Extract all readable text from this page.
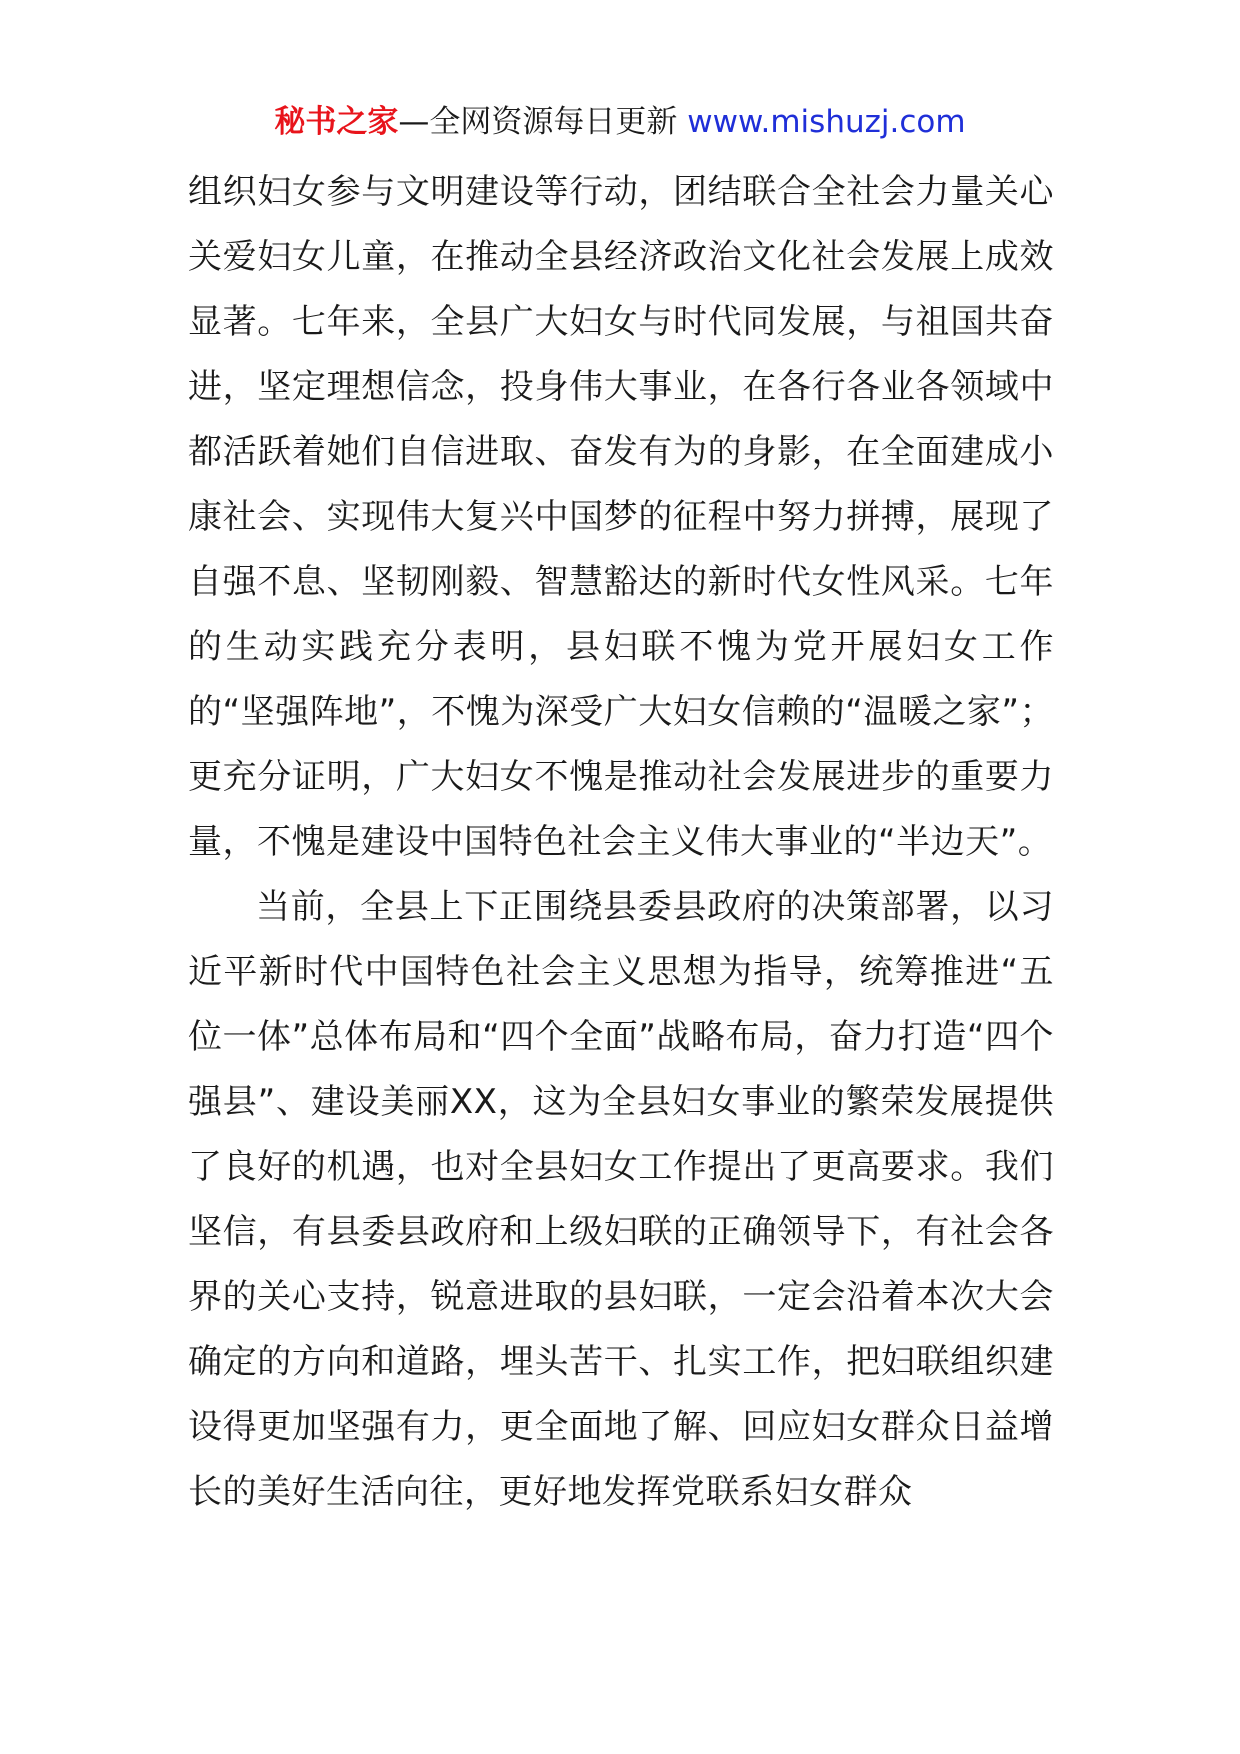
秘书之家—全网资源每日更新 www.mishuzj.com

组织妇女参与文明建设等行动，团结联合全社会力量关心关爱妇女儿童，在推动全县经济政治文化社会发展上成效显著。七年来，全县广大妇女与时代同发展，与祖国共奋进，坚定理想信念，投身伟大事业，在各行各业各领域中都活跃着她们自信进取、奋发有为的身影，在全面建成小康社会、实现伟大复兴中国梦的征程中努力拼搏，展现了自强不息、坚韧刚毅、智慧豁达的新时代女性风采。七年的生动实践充分表明，县妇联不愧为党开展妇女工作的“坚强阵地”，不愧为深受广大妇女信赖的“温暖之家”；更充分证明，广大妇女不愧是推动社会发展进步的重要力量，不愧是建设中国特色社会主义伟大事业的“半边天”。

当前，全县上下正围绕县委县政府的决策部署，以习近平新时代中国特色社会主义思想为指导，统筹推进“五位一体”总体布局和“四个全面”战略布局，奋力打造“四个强县”、建设美丽XX，这为全县妇女事业的繁荣发展提供了良好的机遇，也对全县妇女工作提出了更高要求。我们坚信，有县委县政府和上级妇联的正确领导下，有社会各界的关心支持，锐意进取的县妇联，一定会沿着本次大会确定的方向和道路，埋头苦干、扎实工作，把妇联组织建设得更加坚强有力，更全面地了解、回应妇女群众日益增长的美好生活向往，更好地发挥党联系妇女群众
